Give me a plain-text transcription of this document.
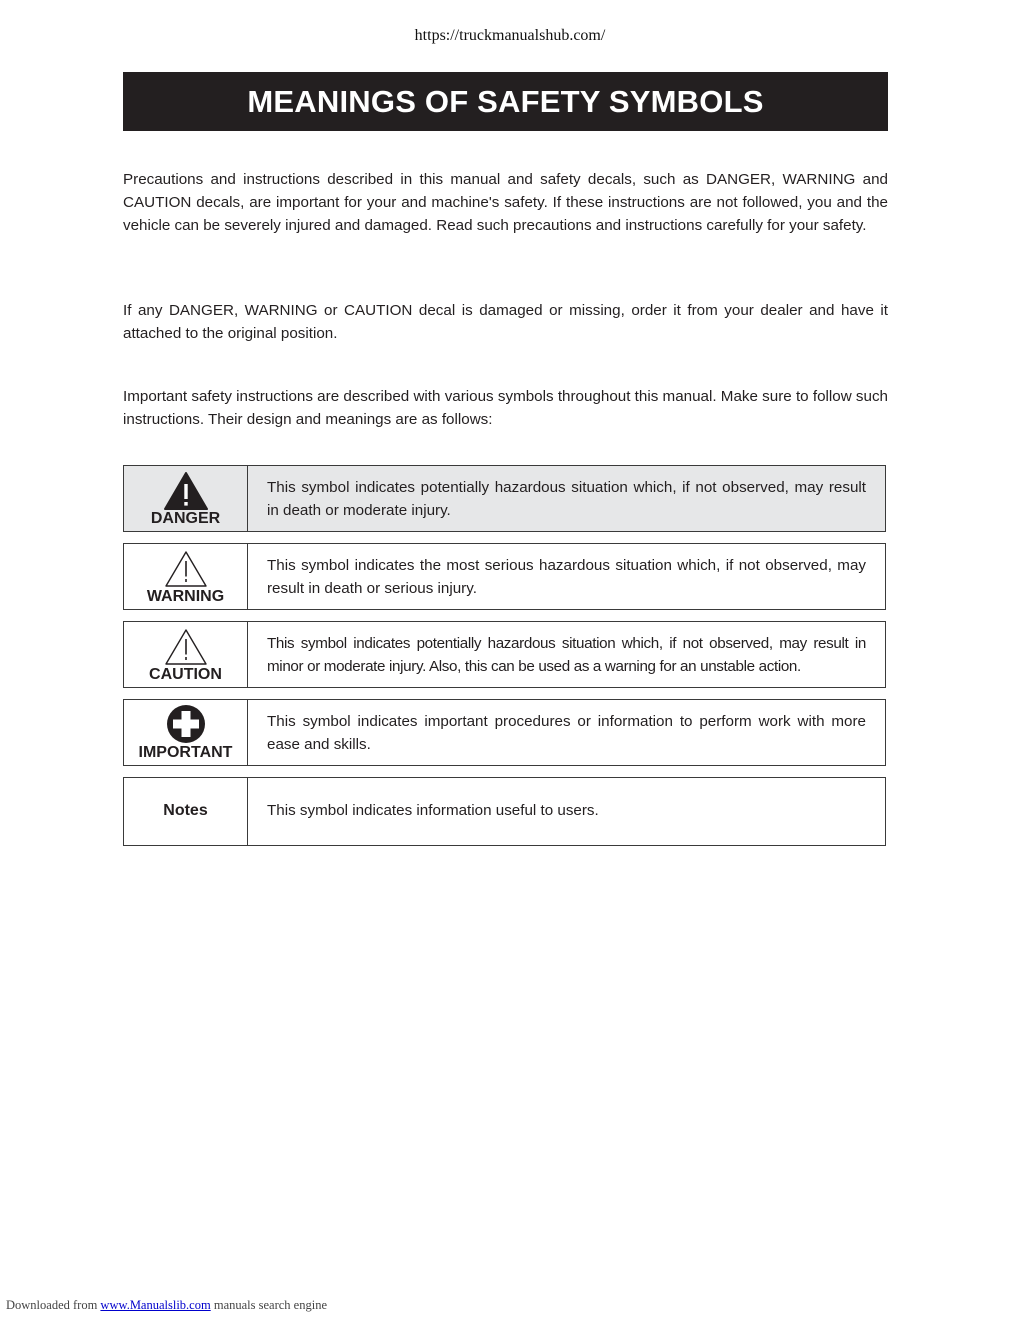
https://truckmanualshub.com/
MEANINGS OF SAFETY SYMBOLS
Precautions and instructions described in this manual and safety decals, such as DANGER, WARNING and CAUTION decals, are important for your and machine's safety. If these instructions are not followed, you and the vehicle can be severely injured and damaged. Read such precautions and instructions carefully for your safety.
If any DANGER, WARNING or CAUTION decal is damaged or missing, order it from your dealer and have it attached to the original position.
Important safety instructions are described with various symbols throughout this manual. Make sure to follow such instructions. Their design and meanings are as follows:
DANGER
This symbol indicates potentially hazardous situation which, if not observed, may result in death or moderate injury.
WARNING
This symbol indicates the most serious hazardous situation which, if not observed, may result in death or serious injury.
CAUTION
This symbol indicates potentially hazardous situation which, if not observed, may result in minor or moderate injury. Also, this can be used as a warning for an unstable action.
IMPORTANT
This symbol indicates important procedures or information to perform work with more ease and skills.
Notes	This symbol indicates information useful to users.
Downloaded from www.Manualslib.com manuals search engine
